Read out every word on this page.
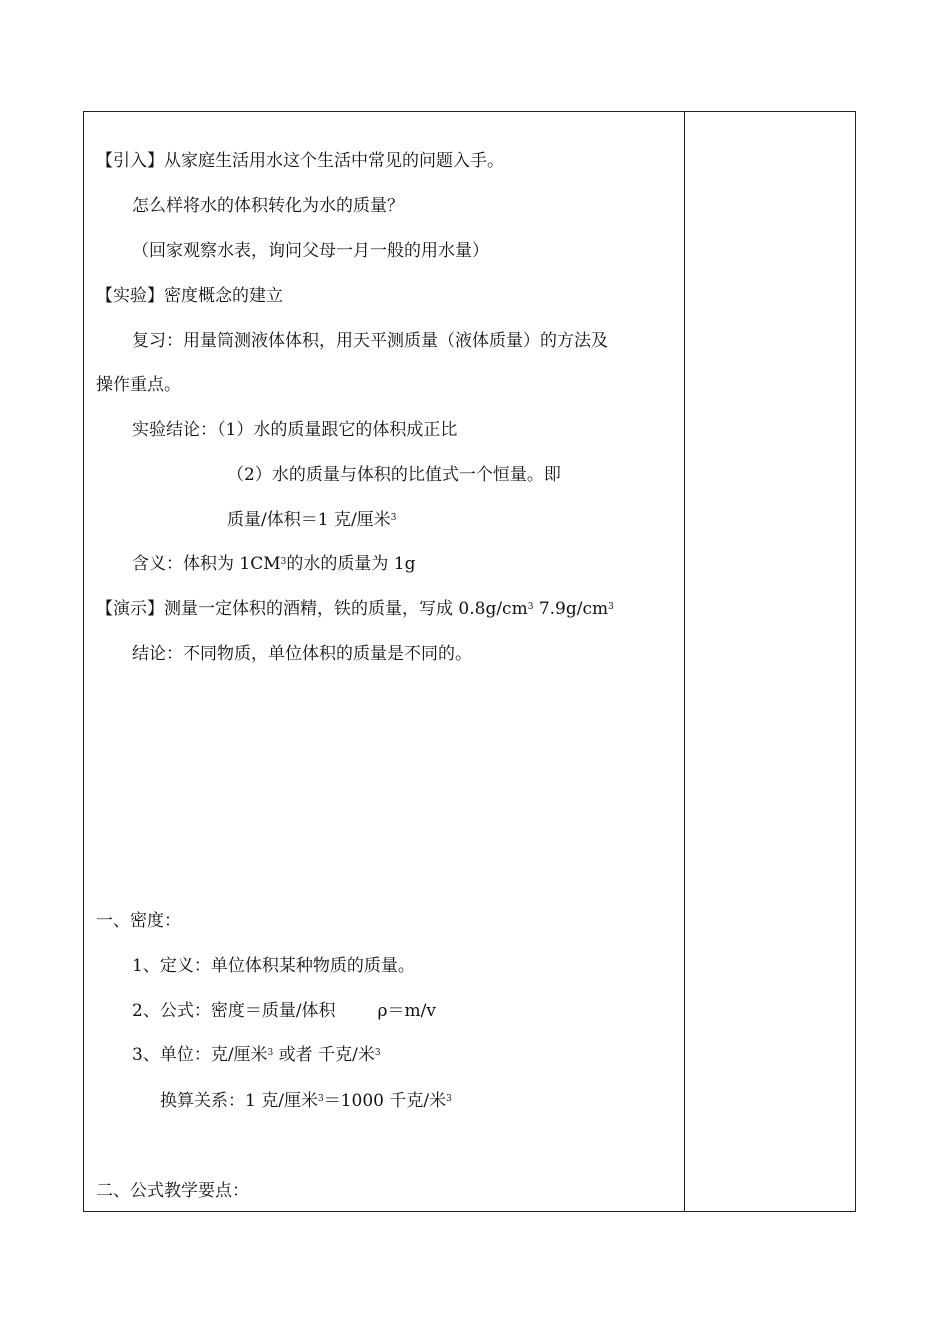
【引入】从家庭生活用水这个生活中常见的问题入手。
怎么样将水的体积转化为水的质量？
（回家观察水表，询问父母一月一般的用水量）
【实验】密度概念的建立
复习：用量筒测液体体积，用天平测质量（液体质量）的方法及
操作重点。
实验结论：（1）水的质量跟它的体积成正比
（2）水的质量与体积的比值式一个恒量。即
质量/体积＝1 克/厘米$^3$
含义：体积为 $1CM^3$的水的质量为 1g
【演示】测量一定体积的酒精，铁的质量，写成 $0.8g/cm^3$ $7.9g/cm^3$
结论：不同物质，单位体积的质量是不同的。
一、密度：
1、定义：单位体积某种物质的质量。
2、公式：密度＝质量/体积 ρ＝m/v
3、单位：克/厘米$^3$ 或者 千克/米$^3$
换算关系：1 克/厘米$^3$＝1000 千克/米$^3$
二、公式教学要点：
